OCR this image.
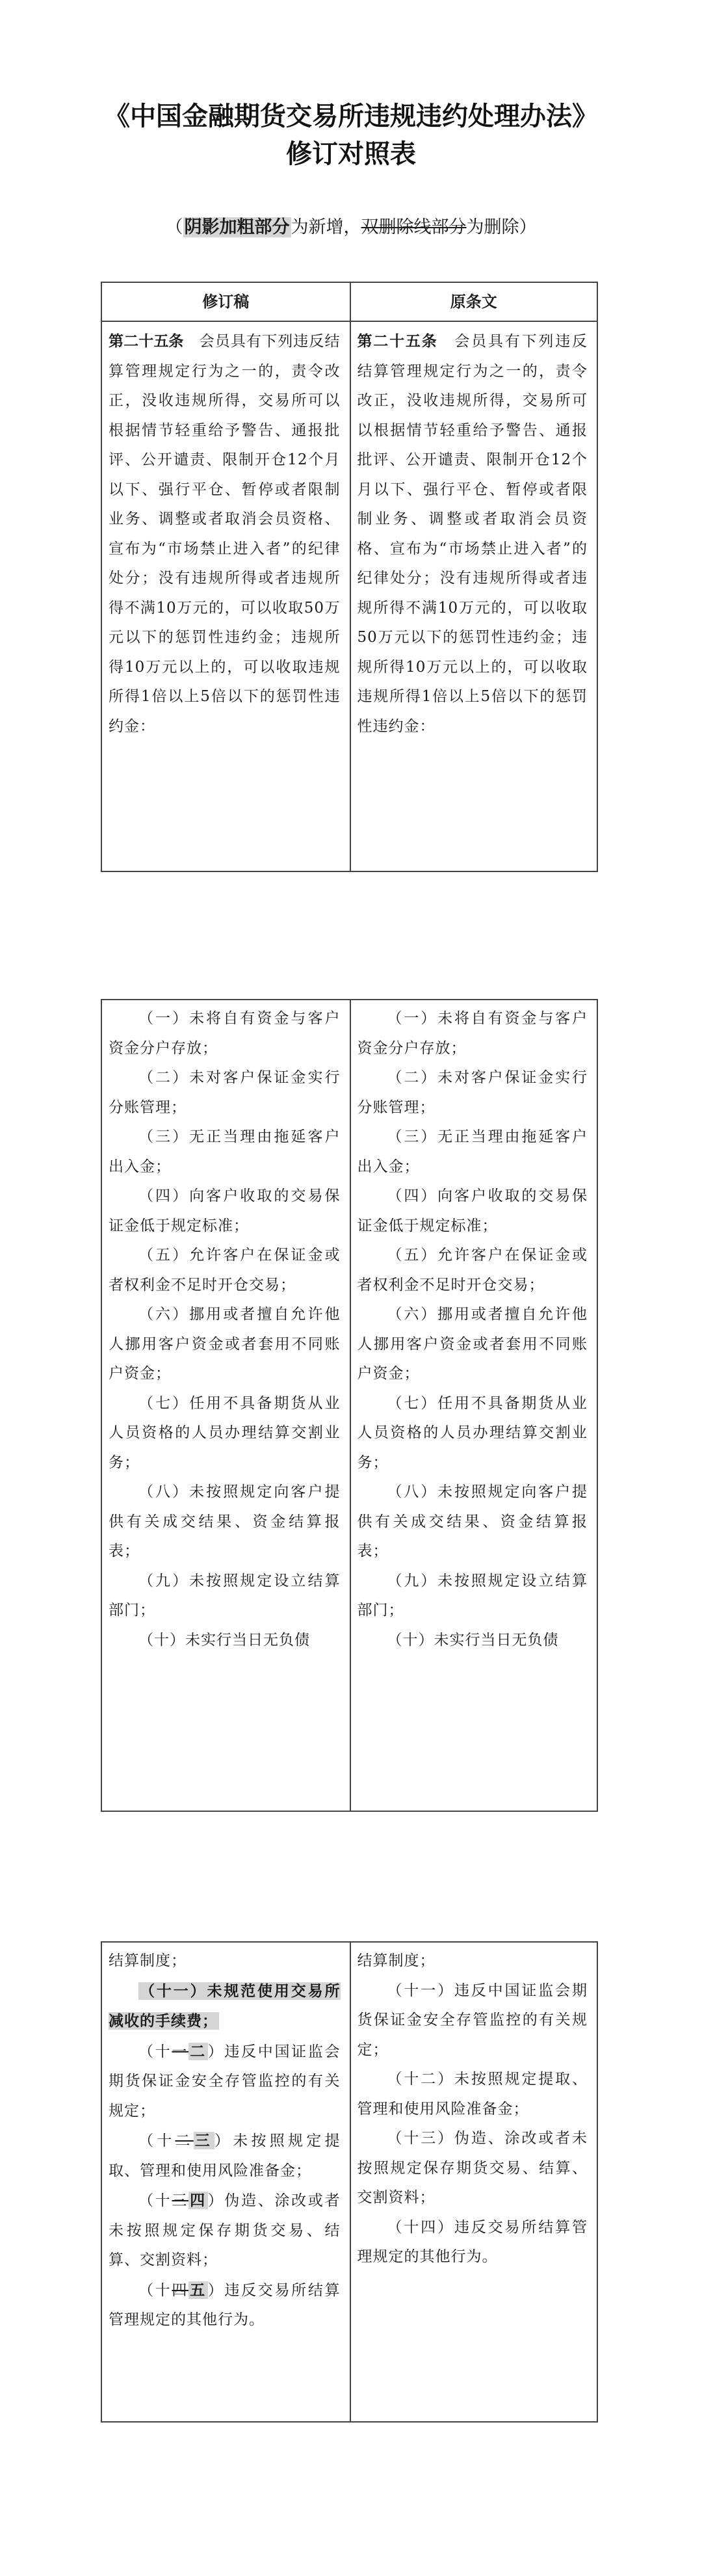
《中国金融期货交易所违规违约处理办法》
修订对照表
（阴影加粗部分为新增，双删除线部分为删除）
修订稿	原条文
第二十五条　会员具有下列违反结算管理规定行为之一的，责令改正，没收违规所得，交易所可以根据情节轻重给予警告、通报批评、公开谴责、限制开仓12个月以下、强行平仓、暂停或者限制业务、调整或者取消会员资格、宣布为“市场禁止进入者”的纪律处分；没有违规所得或者违规所得不满10万元的，可以收取50万元以下的惩罚性违约金；违规所得10万元以上的，可以收取违规所得1倍以上5倍以下的惩罚性违约金：
第二十五条　会员具有下列违反结算管理规定行为之一的，责令改正，没收违规所得，交易所可以根据情节轻重给予警告、通报批评、公开谴责、限制开仓12个月以下、强行平仓、暂停或者限制业务、调整或者取消会员资格、宣布为“市场禁止进入者”的纪律处分；没有违规所得或者违规所得不满10万元的，可以收取50万元以下的惩罚性违约金；违规所得10万元以上的，可以收取违规所得1倍以上5倍以下的惩罚性违约金：
（一）未将自有资金与客户资金分户存放；
（二）未对客户保证金实行分账管理；
（三）无正当理由拖延客户出入金；
（四）向客户收取的交易保证金低于规定标准；
（五）允许客户在保证金或者权利金不足时开仓交易；
（六）挪用或者擅自允许他人挪用客户资金或者套用不同账户资金；
（七）任用不具备期货从业人员资格的人员办理结算交割业务；
（八）未按照规定向客户提供有关成交结果、资金结算报表；
（九）未按照规定设立结算部门；
（十）未实行当日无负债
（一）未将自有资金与客户资金分户存放；
（二）未对客户保证金实行分账管理；
（三）无正当理由拖延客户出入金；
（四）向客户收取的交易保证金低于规定标准；
（五）允许客户在保证金或者权利金不足时开仓交易；
（六）挪用或者擅自允许他人挪用客户资金或者套用不同账户资金；
（七）任用不具备期货从业人员资格的人员办理结算交割业务；
（八）未按照规定向客户提供有关成交结果、资金结算报表；
（九）未按照规定设立结算部门；
（十）未实行当日无负债
结算制度；
（十一）未规范使用交易所减收的手续费；
（十一二）违反中国证监会期货保证金安全存管监控的有关规定；
（十二三）未按照规定提取、管理和使用风险准备金；
（十三四）伪造、涂改或者未按照规定保存期货交易、结算、交割资料；
（十四五）违反交易所结算管理规定的其他行为。
结算制度；
（十一）违反中国证监会期货保证金安全存管监控的有关规定；
（十二）未按照规定提取、管理和使用风险准备金；
（十三）伪造、涂改或者未按照规定保存期货交易、结算、交割资料；
（十四）违反交易所结算管理规定的其他行为。
